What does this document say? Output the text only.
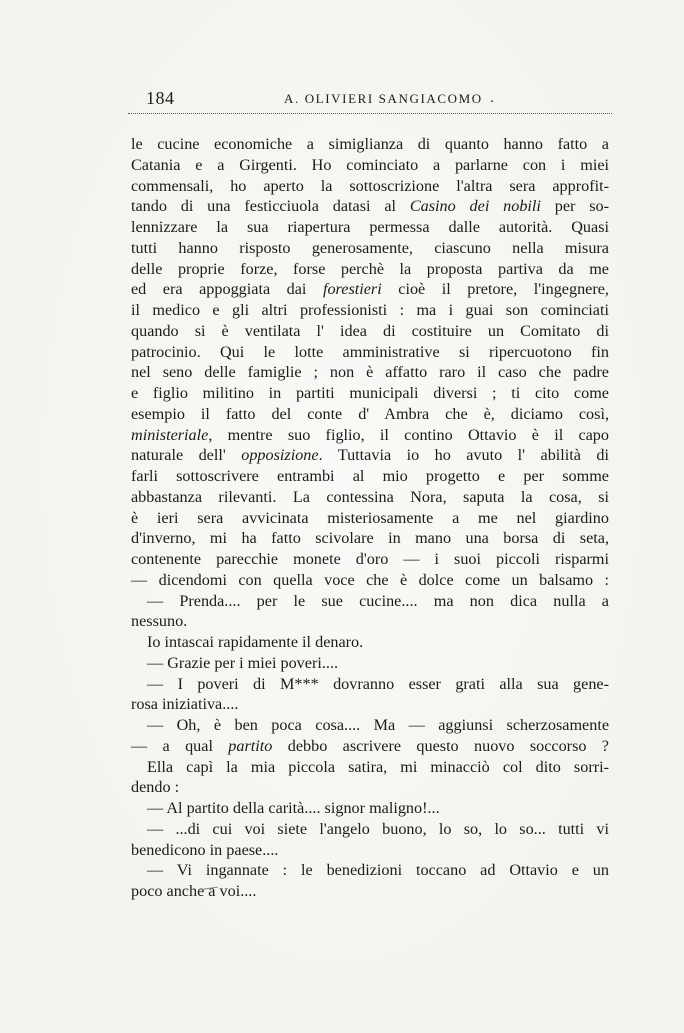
184	A. OLIVIERI SANGIACOMO .
le cucine economiche a simiglianza di quanto hanno fatto a
Catania e a Girgenti. Ho cominciato a parlarne con i miei
commensali, ho aperto la sottoscrizione l'altra sera approfit-
tando di una festicciuola datasi al Casino dei nobili per so-
lennizzare la sua riapertura permessa dalle autorità. Quasi
tutti hanno risposto generosamente, ciascuno nella misura
delle proprie forze, forse perchè la proposta partiva da me
ed era appoggiata dai forestieri cioè il pretore, l'ingegnere,
il medico e gli altri professionisti : ma i guai son cominciati
quando si è ventilata l' idea di costituire un Comitato di
patrocinio. Qui le lotte amministrative si ripercuotono fin
nel seno delle famiglie ; non è affatto raro il caso che padre
e figlio militino in partiti municipali diversi ; ti cito come
esempio il fatto del conte d' Ambra che è, diciamo così,
ministeriale, mentre suo figlio, il contino Ottavio è il capo
naturale dell' opposizione. Tuttavia io ho avuto l' abilità di
farli sottoscrivere entrambi al mio progetto e per somme
abbastanza rilevanti. La contessina Nora, saputa la cosa, si
è ieri sera avvicinata misteriosamente a me nel giardino
d'inverno, mi ha fatto scivolare in mano una borsa di seta,
contenente parecchie monete d'oro — i suoi piccoli risparmi
— dicendomi con quella voce che è dolce come un balsamo :
— Prenda.... per le sue cucine.... ma non dica nulla a
nessuno.
Io intascai rapidamente il denaro.
— Grazie per i miei poveri....
— I poveri di M*** dovranno esser grati alla sua gene-
rosa iniziativa....
— Oh, è ben poca cosa.... Ma — aggiunsi scherzosamente
— a qual partito debbo ascrivere questo nuovo soccorso ?
Ella capì la mia piccola satira, mi minacciò col dito sorri-
dendo :
— Al partito della carità.... signor maligno!...
— ...di cui voi siete l'angelo buono, lo so, lo so... tutti vi
benedicono in paese....
— Vi ingannate : le benedizioni toccano ad Ottavio e un
poco anche a voi....
